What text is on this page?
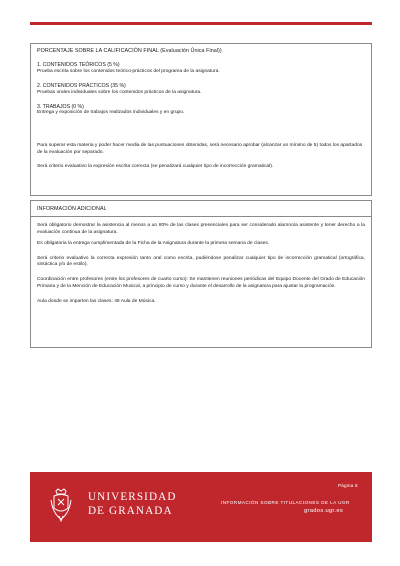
PORCENTAJE SOBRE LA CALIFICACIÓN FINAL (Evaluación Única Final))
1. CONTENIDOS TEÓRICOS (5 %)
Prueba escrita sobre los contenidos teórico-prácticos del programa de la asignatura.
2. CONTENIDOS PRÁCTICOS (35 %)
Pruebas orales individuales sobre los contenidos prácticos de la asignatura.
3. TRABAJOS (0 %)
Entrega y exposición de trabajos realizados individuales y en grupo.
Para superar esta materia y poder hacer media de las puntuaciones obtenidas, será necesario aprobar (alcanzar un mínimo de 5) todos los apartados de la evaluación por separado.
Será criterio evaluativo la expresión escrita correcta (se penalizará cualquier tipo de incorrección gramatical).
INFORMACIÓN ADICIONAL
Será obligatorio demostrar la asistencia al menos a un 80% de las clases presenciales para ser considerado alumno/a asistente y tener derecho a la evaluación continua de la asignatura.
Es obligatoria la entrega cumplimentada de la Ficha de la Asignatura durante la primera semana de clases.
Será criterio evaluativo la correcta expresión tanto oral como escrita, pudiéndose penalizar cualquier tipo de incorrección gramatical (ortográfica, sintáctica y/o de estilo).
Coordinación entre profesores (entre los profesores de cuarto curso): Se mantienen reuniones periódicas del Equipo Docente del Grado de Educación Primaria y de la Mención de Educación Musical, a principio de curso y durante el desarrollo de la asignatura para ajustar la programación.
Aula donde se imparten las clases: 48 Aula de Música.
UNIVERSIDAD
DE GRANADA
Página 8
INFORMACIÓN SOBRE TITULACIONES DE LA UGR
grados.ugr.es
